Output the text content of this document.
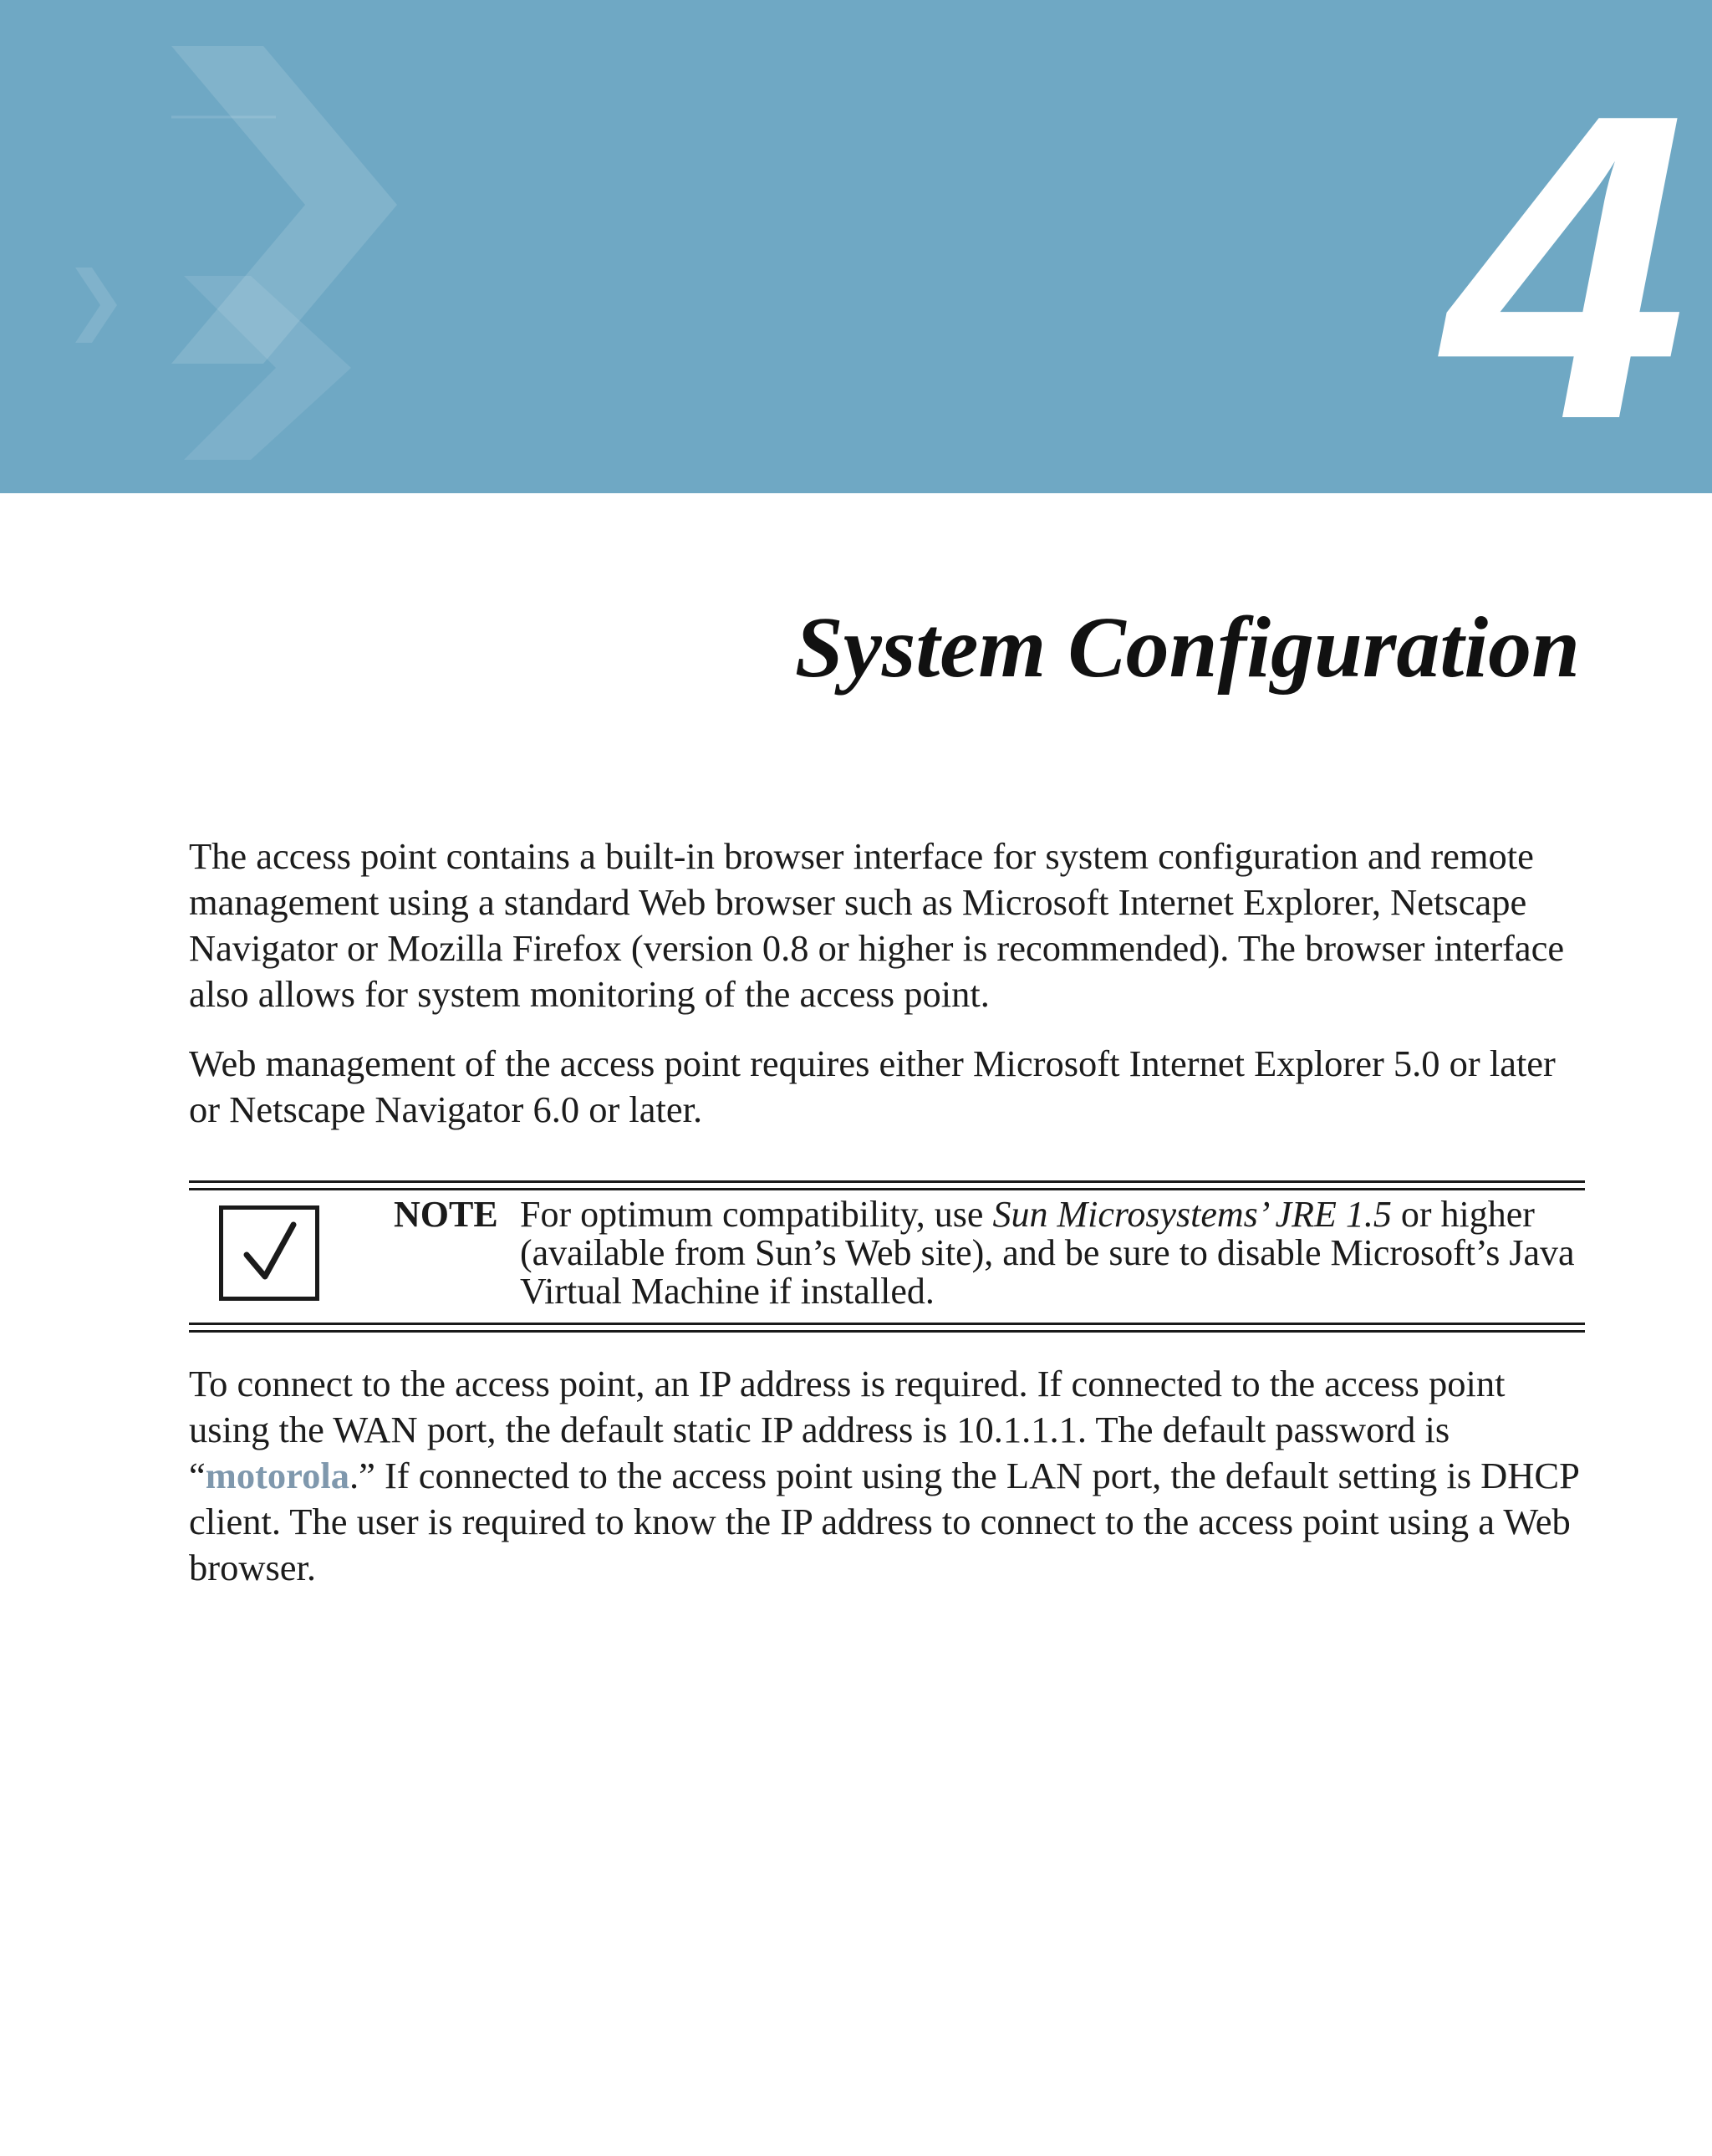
4
System Configuration

The access point contains a built-in browser interface for system configuration and remote management using a standard Web browser such as Microsoft Internet Explorer, Netscape Navigator or Mozilla Firefox (version 0.8 or higher is recommended). The browser interface also allows for system monitoring of the access point.

Web management of the access point requires either Microsoft Internet Explorer 5.0 or later or Netscape Navigator 6.0 or later.

NOTE For optimum compatibility, use Sun Microsystems’ JRE 1.5 or higher (available from Sun’s Web site), and be sure to disable Microsoft’s Java Virtual Machine if installed.

To connect to the access point, an IP address is required. If connected to the access point using the WAN port, the default static IP address is 10.1.1.1. The default password is “motorola.” If connected to the access point using the LAN port, the default setting is DHCP client. The user is required to know the IP address to connect to the access point using a Web browser.
